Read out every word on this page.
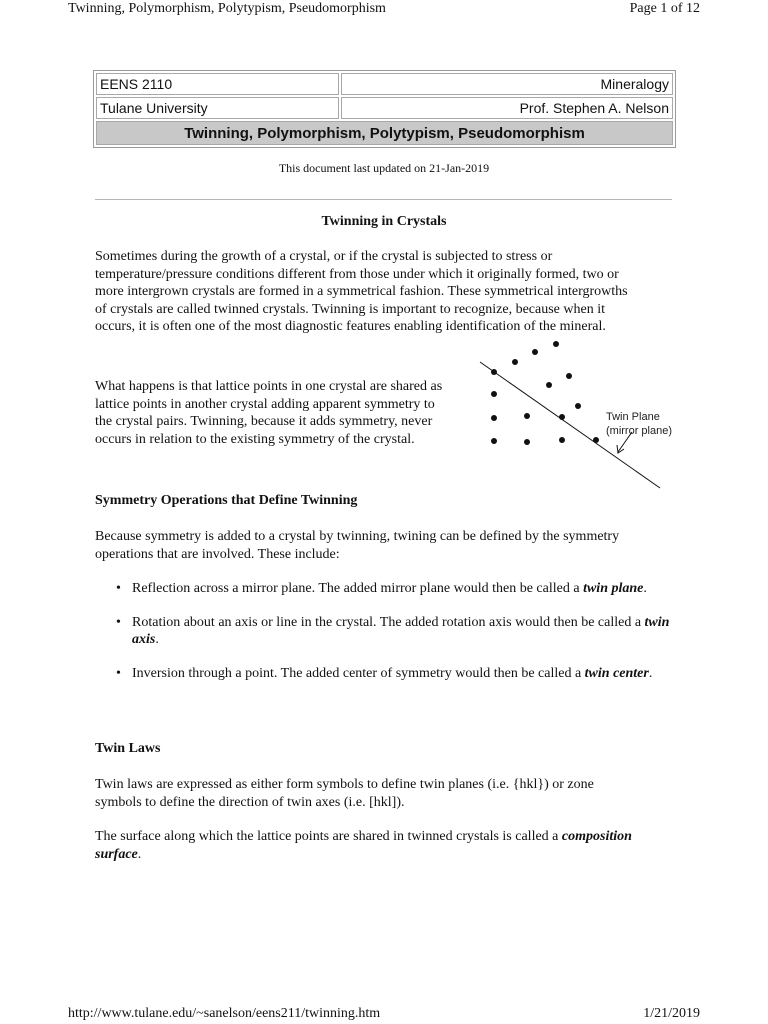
Twinning, Polymorphism, Polytypism, Pseudomorphism	Page 1 of 12
EENS 2110	Mineralogy
Tulane University	Prof. Stephen A. Nelson
Twinning, Polymorphism, Polytypism, Pseudomorphism	
This document last updated on 21-Jan-2019
Twinning in Crystals

Sometimes during the growth of a crystal, or if the crystal is subjected to stress or
temperature/pressure conditions different from those under which it originally formed, two or
more intergrown crystals are formed in a symmetrical fashion. These symmetrical intergrowths
of crystals are called twinned crystals. Twinning is important to recognize, because when it
occurs, it is often one of the most diagnostic features enabling identification of the mineral.

What happens is that lattice points in one crystal are shared as
lattice points in another crystal adding apparent symmetry to
the crystal pairs. Twinning, because it adds symmetry, never
occurs in relation to the existing symmetry of the crystal.

Twin Plane
(mirror plane)
Symmetry Operations that Define Twinning

Because symmetry is added to a crystal by twinning, twining can be defined by the symmetry
operations that are involved. These include:

• Reflection across a mirror plane. The added mirror plane would then be called a twin plane.
• Rotation about an axis or line in the crystal. The added rotation axis would then be called a twin axis.
• Inversion through a point. The added center of symmetry would then be called a twin center.
Twin Laws

Twin laws are expressed as either form symbols to define twin planes (i.e. {hkl}) or zone
symbols to define the direction of twin axes (i.e. [hkl]).

The surface along which the lattice points are shared in twinned crystals is called a composition surface.

http://www.tulane.edu/~sanelson/eens211/twinning.htm	1/21/2019
